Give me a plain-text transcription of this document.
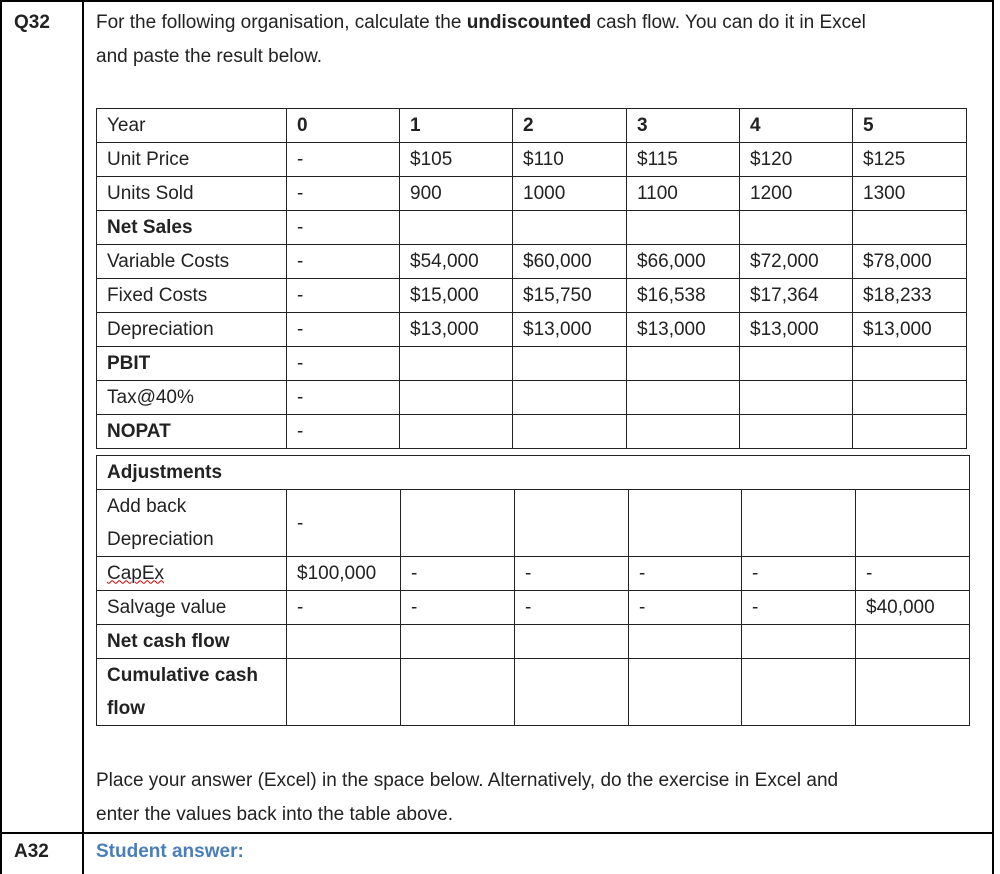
Q32 For the following organisation, calculate the undiscounted cash flow. You can do it in Excel
and paste the result below.
Year	0	1	2	3	4	5
Unit Price	-	$105	$110	$115	$120	$125
Units Sold	-	900	1000	1100	1200	1300
Net Sales	-					
Variable Costs	-	$54,000	$60,000	$66,000	$72,000	$78,000
Fixed Costs	-	$15,000	$15,750	$16,538	$17,364	$18,233
Depreciation	-	$13,000	$13,000	$13,000	$13,000	$13,000
PBIT	-					
Tax@40%	-					
NOPAT	-					
Adjustments						

Add back
Depreciation	-					
CapEx	$100,000	-	-	-	-	-
Salvage value	-	-	-	-	-	$40,000
Net cash flow						

Cumulative cash
flow						

Place your answer (Excel) in the space below. Alternatively, do the exercise in Excel and
enter the values back into the table above.
A32 Student answer:
